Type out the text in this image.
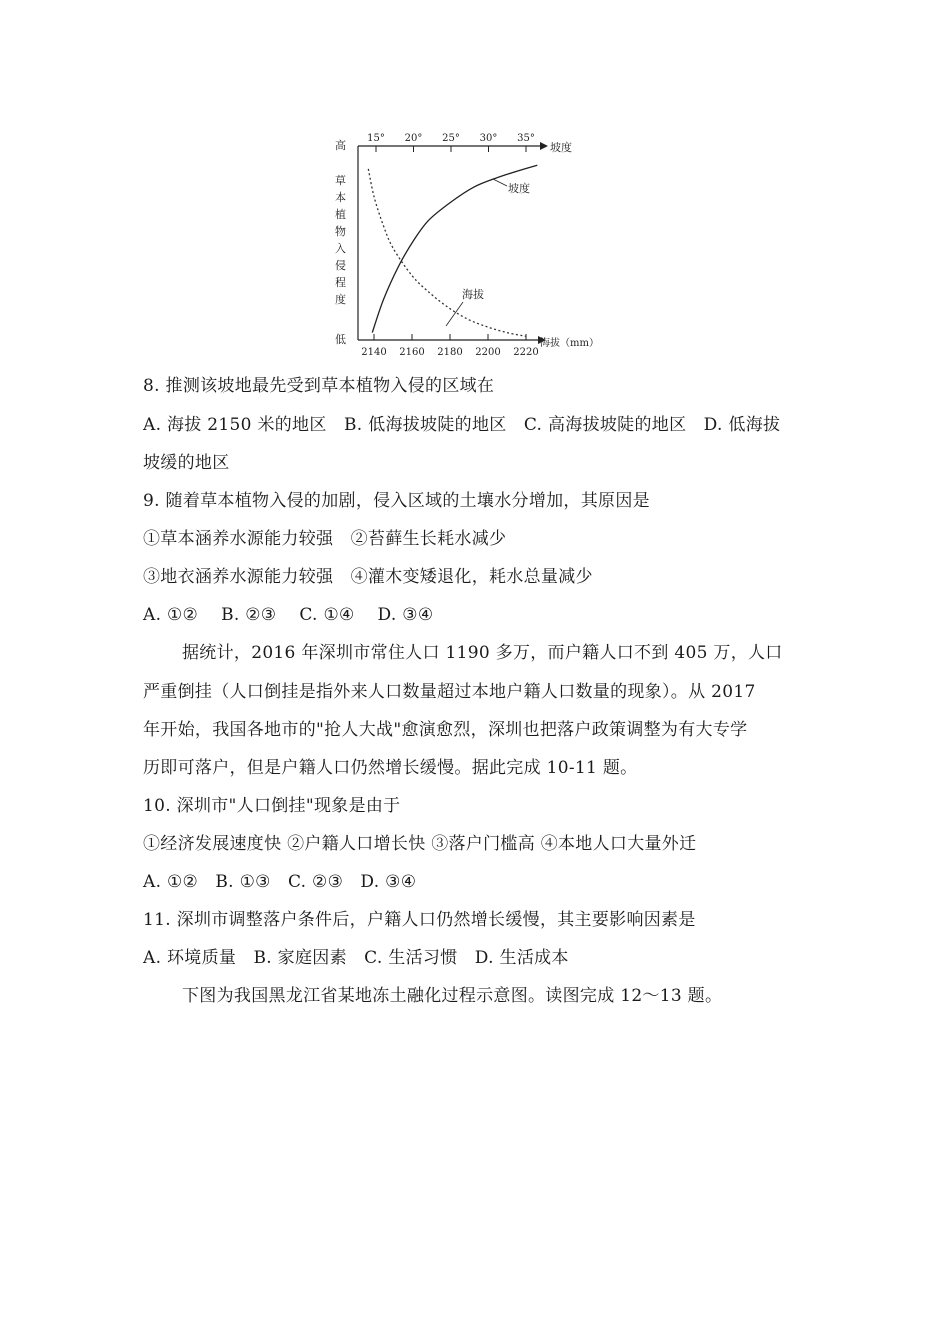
高
低
草
本
植
物
入
侵
程
度
15° 20° 25° 30° 35°
坡度
2140 2160 2180 2200 2220
海拔（mm）
坡度
海拔
8. 推测该坡地最先受到草本植物入侵的区域在
A. 海拔 2150 米的地区　B. 低海拔坡陡的地区　C. 高海拔坡陡的地区　D. 低海拔
坡缓的地区
9. 随着草本植物入侵的加剧，侵入区域的土壤水分增加，其原因是
①草本涵养水源能力较强　②苔藓生长耗水减少
③地衣涵养水源能力较强　④灌木变矮退化，耗水总量减少
A. ①②　 B. ②③　 C. ①④　 D. ③④
据统计，2016 年深圳市常住人口 1190 多万，而户籍人口不到 405 万，人口
严重倒挂（人口倒挂是指外来人口数量超过本地户籍人口数量的现象）。从 2017
年开始，我国各地市的"抢人大战"愈演愈烈，深圳也把落户政策调整为有大专学
历即可落户，但是户籍人口仍然增长缓慢。据此完成 10-11 题。
10. 深圳市"人口倒挂"现象是由于
①经济发展速度快 ②户籍人口增长快 ③落户门槛高 ④本地人口大量外迁
A. ①②　B. ①③　C. ②③　D. ③④
11. 深圳市调整落户条件后，户籍人口仍然增长缓慢，其主要影响因素是
A. 环境质量　B. 家庭因素　C. 生活习惯　D. 生活成本
下图为我国黑龙江省某地冻土融化过程示意图。读图完成 12～13 题。
